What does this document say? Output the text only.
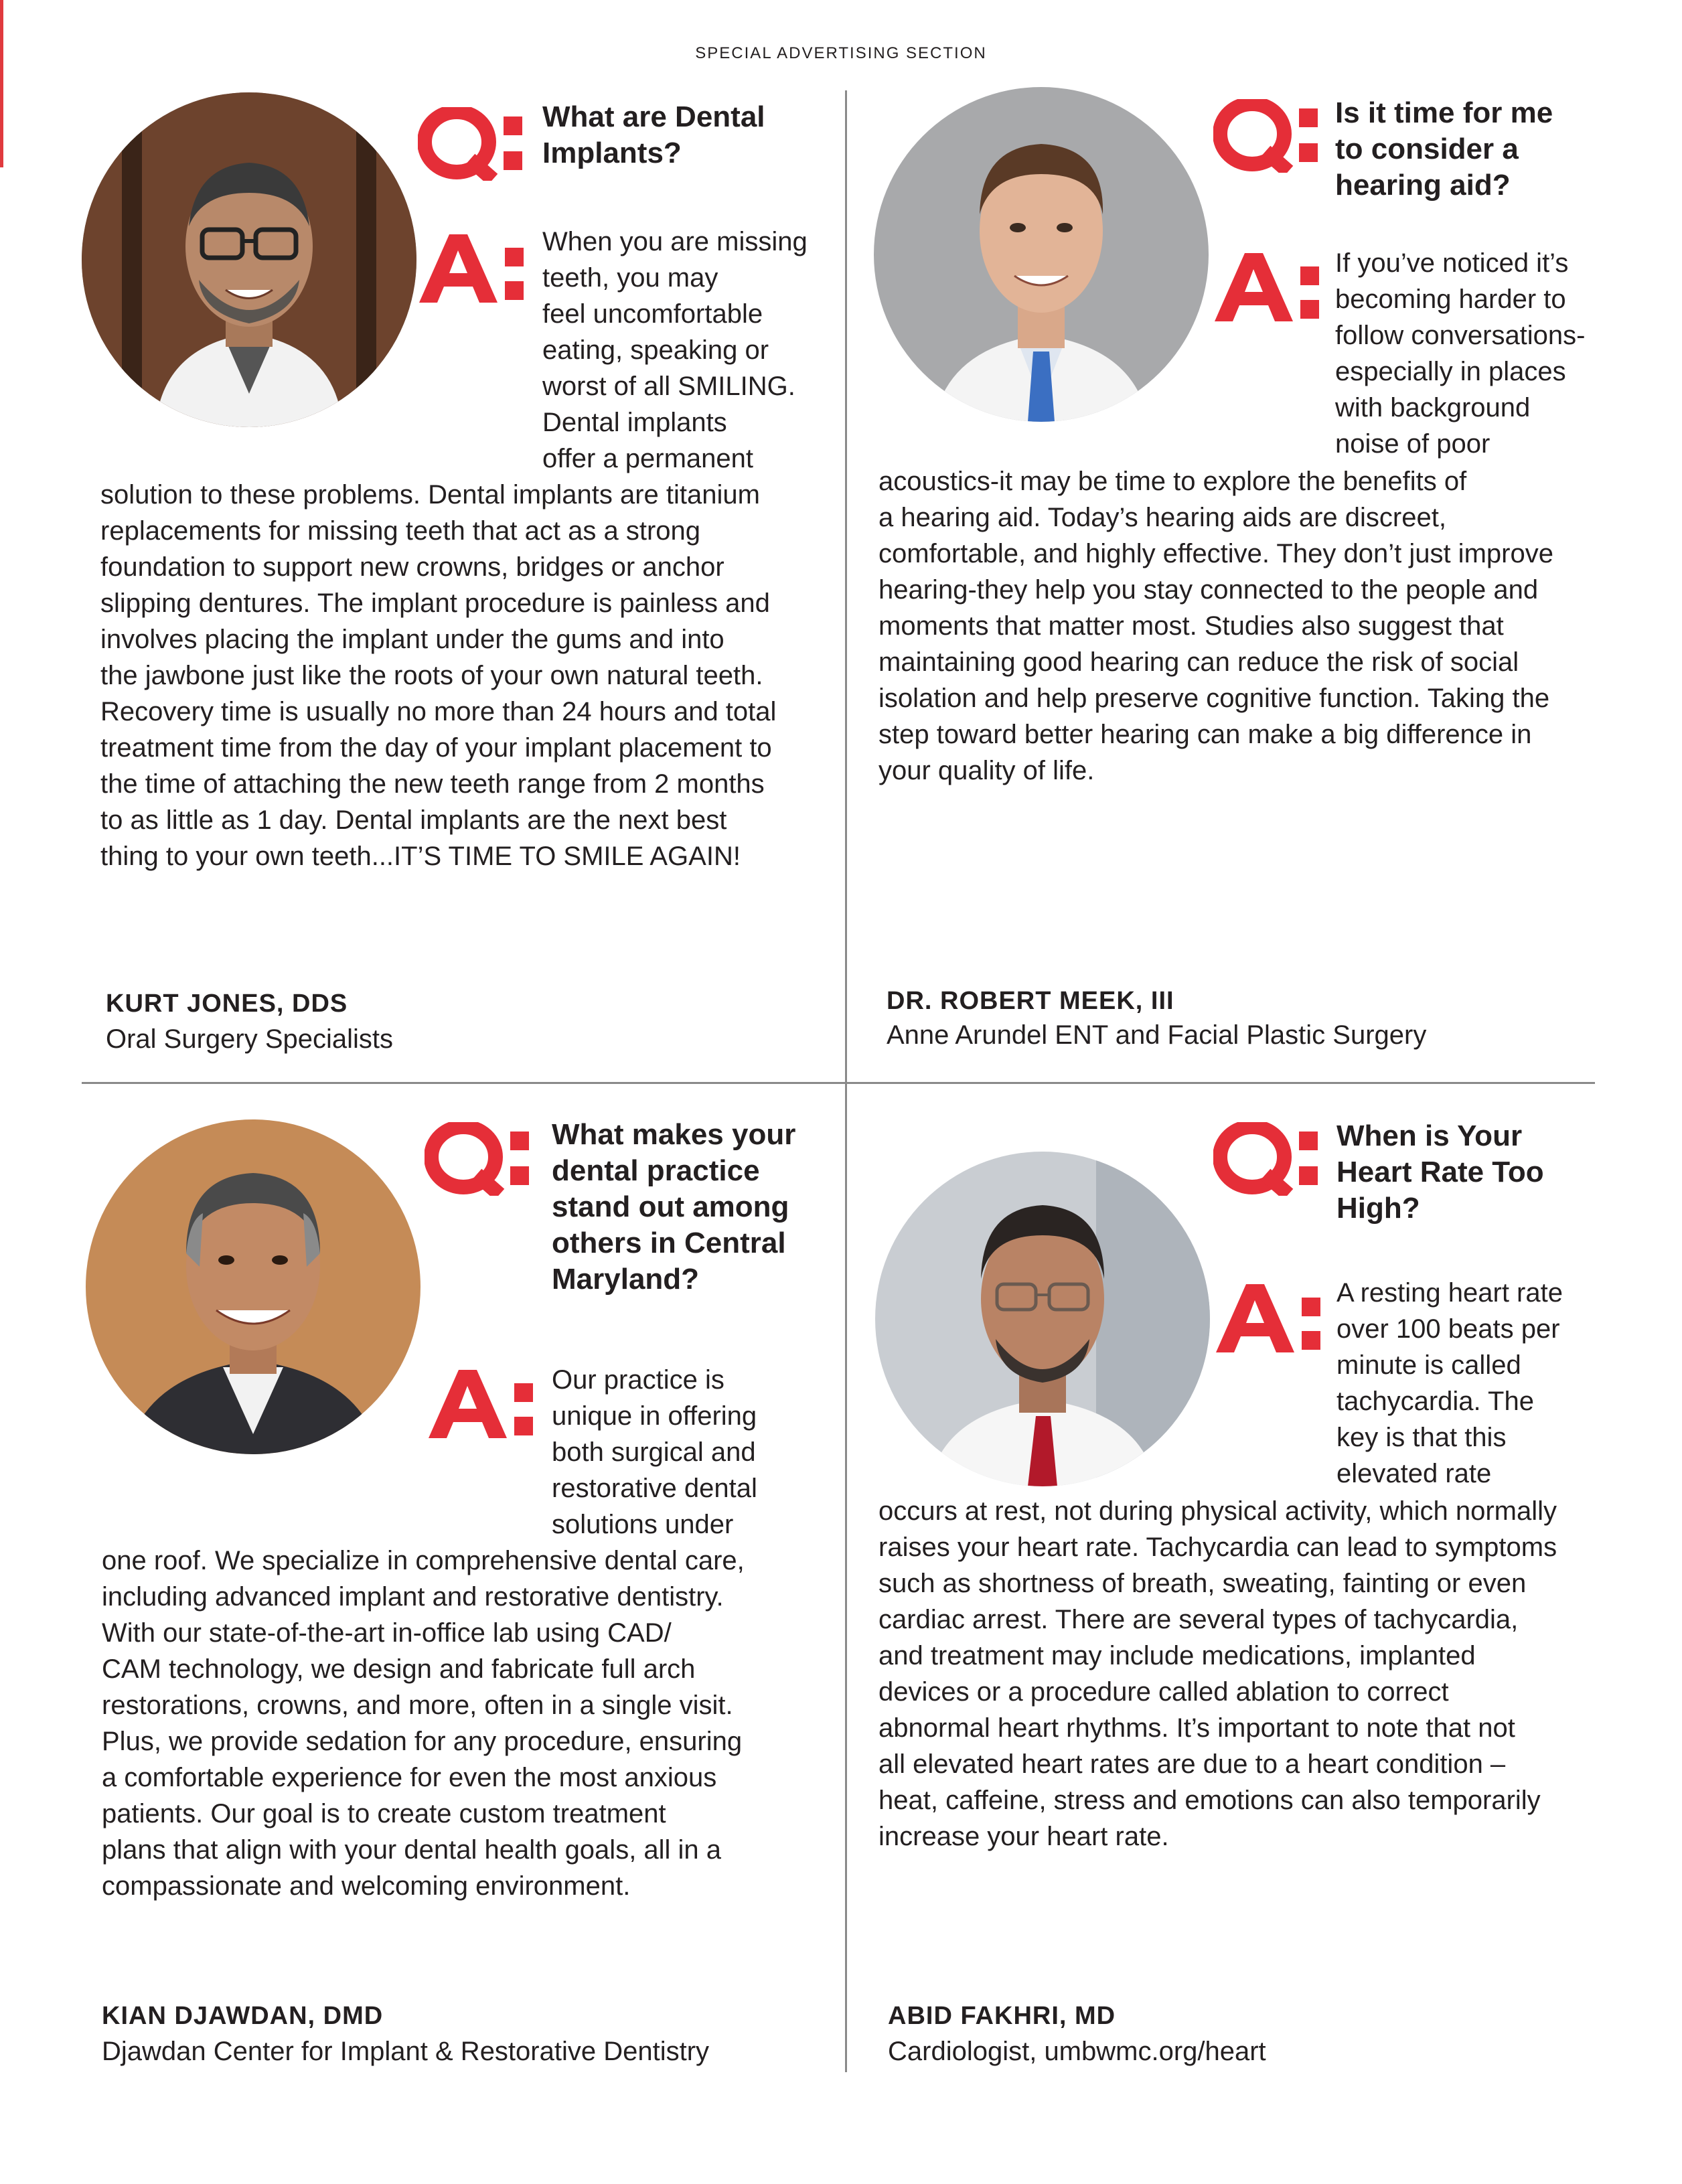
SPECIAL ADVERTISING SECTION

What are Dental
Implants?

When you are missing
teeth, you may
feel uncomfortable
eating, speaking or
worst of all SMILING.
Dental implants
offer a permanent

solution to these problems. Dental implants are titanium
replacements for missing teeth that act as a strong
foundation to support new crowns, bridges or anchor
slipping dentures. The implant procedure is painless and
involves placing the implant under the gums and into
the jawbone just like the roots of your own natural teeth.
Recovery time is usually no more than 24 hours and total
treatment time from the day of your implant placement to
the time of attaching the new teeth range from 2 months
to as little as 1 day. Dental implants are the next best
thing to your own teeth...IT’S TIME TO SMILE AGAIN!

KURT JONES, DDS

Oral Surgery Specialists

Is it time for me
to consider a
hearing aid?

If you’ve noticed it’s
becoming harder to
follow conversations-
especially in places
with background
noise of poor

acoustics-it may be time to explore the benefits of
a hearing aid. Today’s hearing aids are discreet,
comfortable, and highly effective. They don’t just improve
hearing-they help you stay connected to the people and
moments that matter most. Studies also suggest that
maintaining good hearing can reduce the risk of social
isolation and help preserve cognitive function. Taking the
step toward better hearing can make a big difference in
your quality of life.

DR. ROBERT MEEK, III

Anne Arundel ENT and Facial Plastic Surgery

What makes your
dental practice
stand out among
others in Central
Maryland?

Our practice is
unique in offering
both surgical and
restorative dental
solutions under

one roof. We specialize in comprehensive dental care,
including advanced implant and restorative dentistry.
With our state-of-the-art in-office lab using CAD/
CAM technology, we design and fabricate full arch
restorations, crowns, and more, often in a single visit.
Plus, we provide sedation for any procedure, ensuring
a comfortable experience for even the most anxious
patients. Our goal is to create custom treatment
plans that align with your dental health goals, all in a
compassionate and welcoming environment.

KIAN DJAWDAN, DMD

Djawdan Center for Implant & Restorative Dentistry

When is Your
Heart Rate Too
High?

A resting heart rate
over 100 beats per
minute is called
tachycardia. The
key is that this
elevated rate

occurs at rest, not during physical activity, which normally
raises your heart rate. Tachycardia can lead to symptoms
such as shortness of breath, sweating, fainting or even
cardiac arrest. There are several types of tachycardia,
and treatment may include medications, implanted
devices or a procedure called ablation to correct
abnormal heart rhythms. It’s important to note that not
all elevated heart rates are due to a heart condition –
heat, caffeine, stress and emotions can also temporarily
increase your heart rate.

ABID FAKHRI, MD

Cardiologist, umbwmc.org/heart
